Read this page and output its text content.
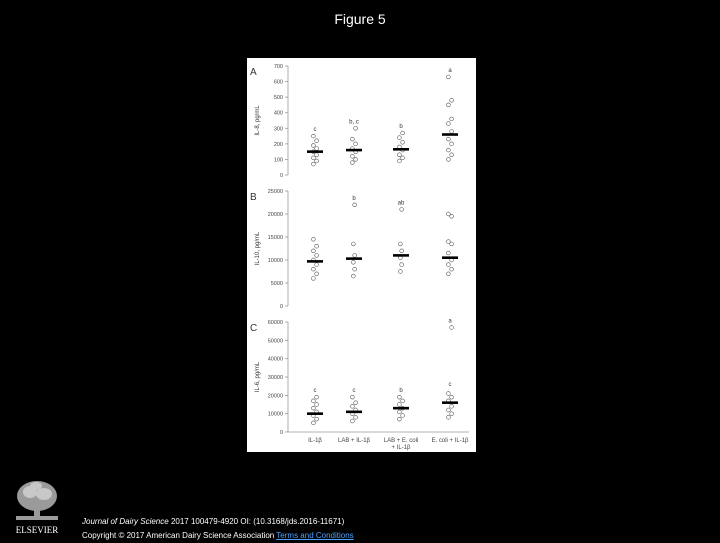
Figure 5
A
0
100
200
300
400
500
600
700
IL-8, pg/mL	c
b, c
b
a
B
0
5000
10000
15000
20000
25000
IL-10, pg/mL
b
ab
C
0
10000
20000
30000
40000
50000
60000
IL-6, pg/mL	c	c	b
a
c
IL-1β	LAB + IL-1β LAB + E. coli
+ IL-1β
E. coli + IL-1β
ELSEVIER
Journal of Dairy Science 2017 100479-4920 OI: (10.3168/jds.2016-11671)
Copyright © 2017 American Dairy Science Association Terms and Conditions
